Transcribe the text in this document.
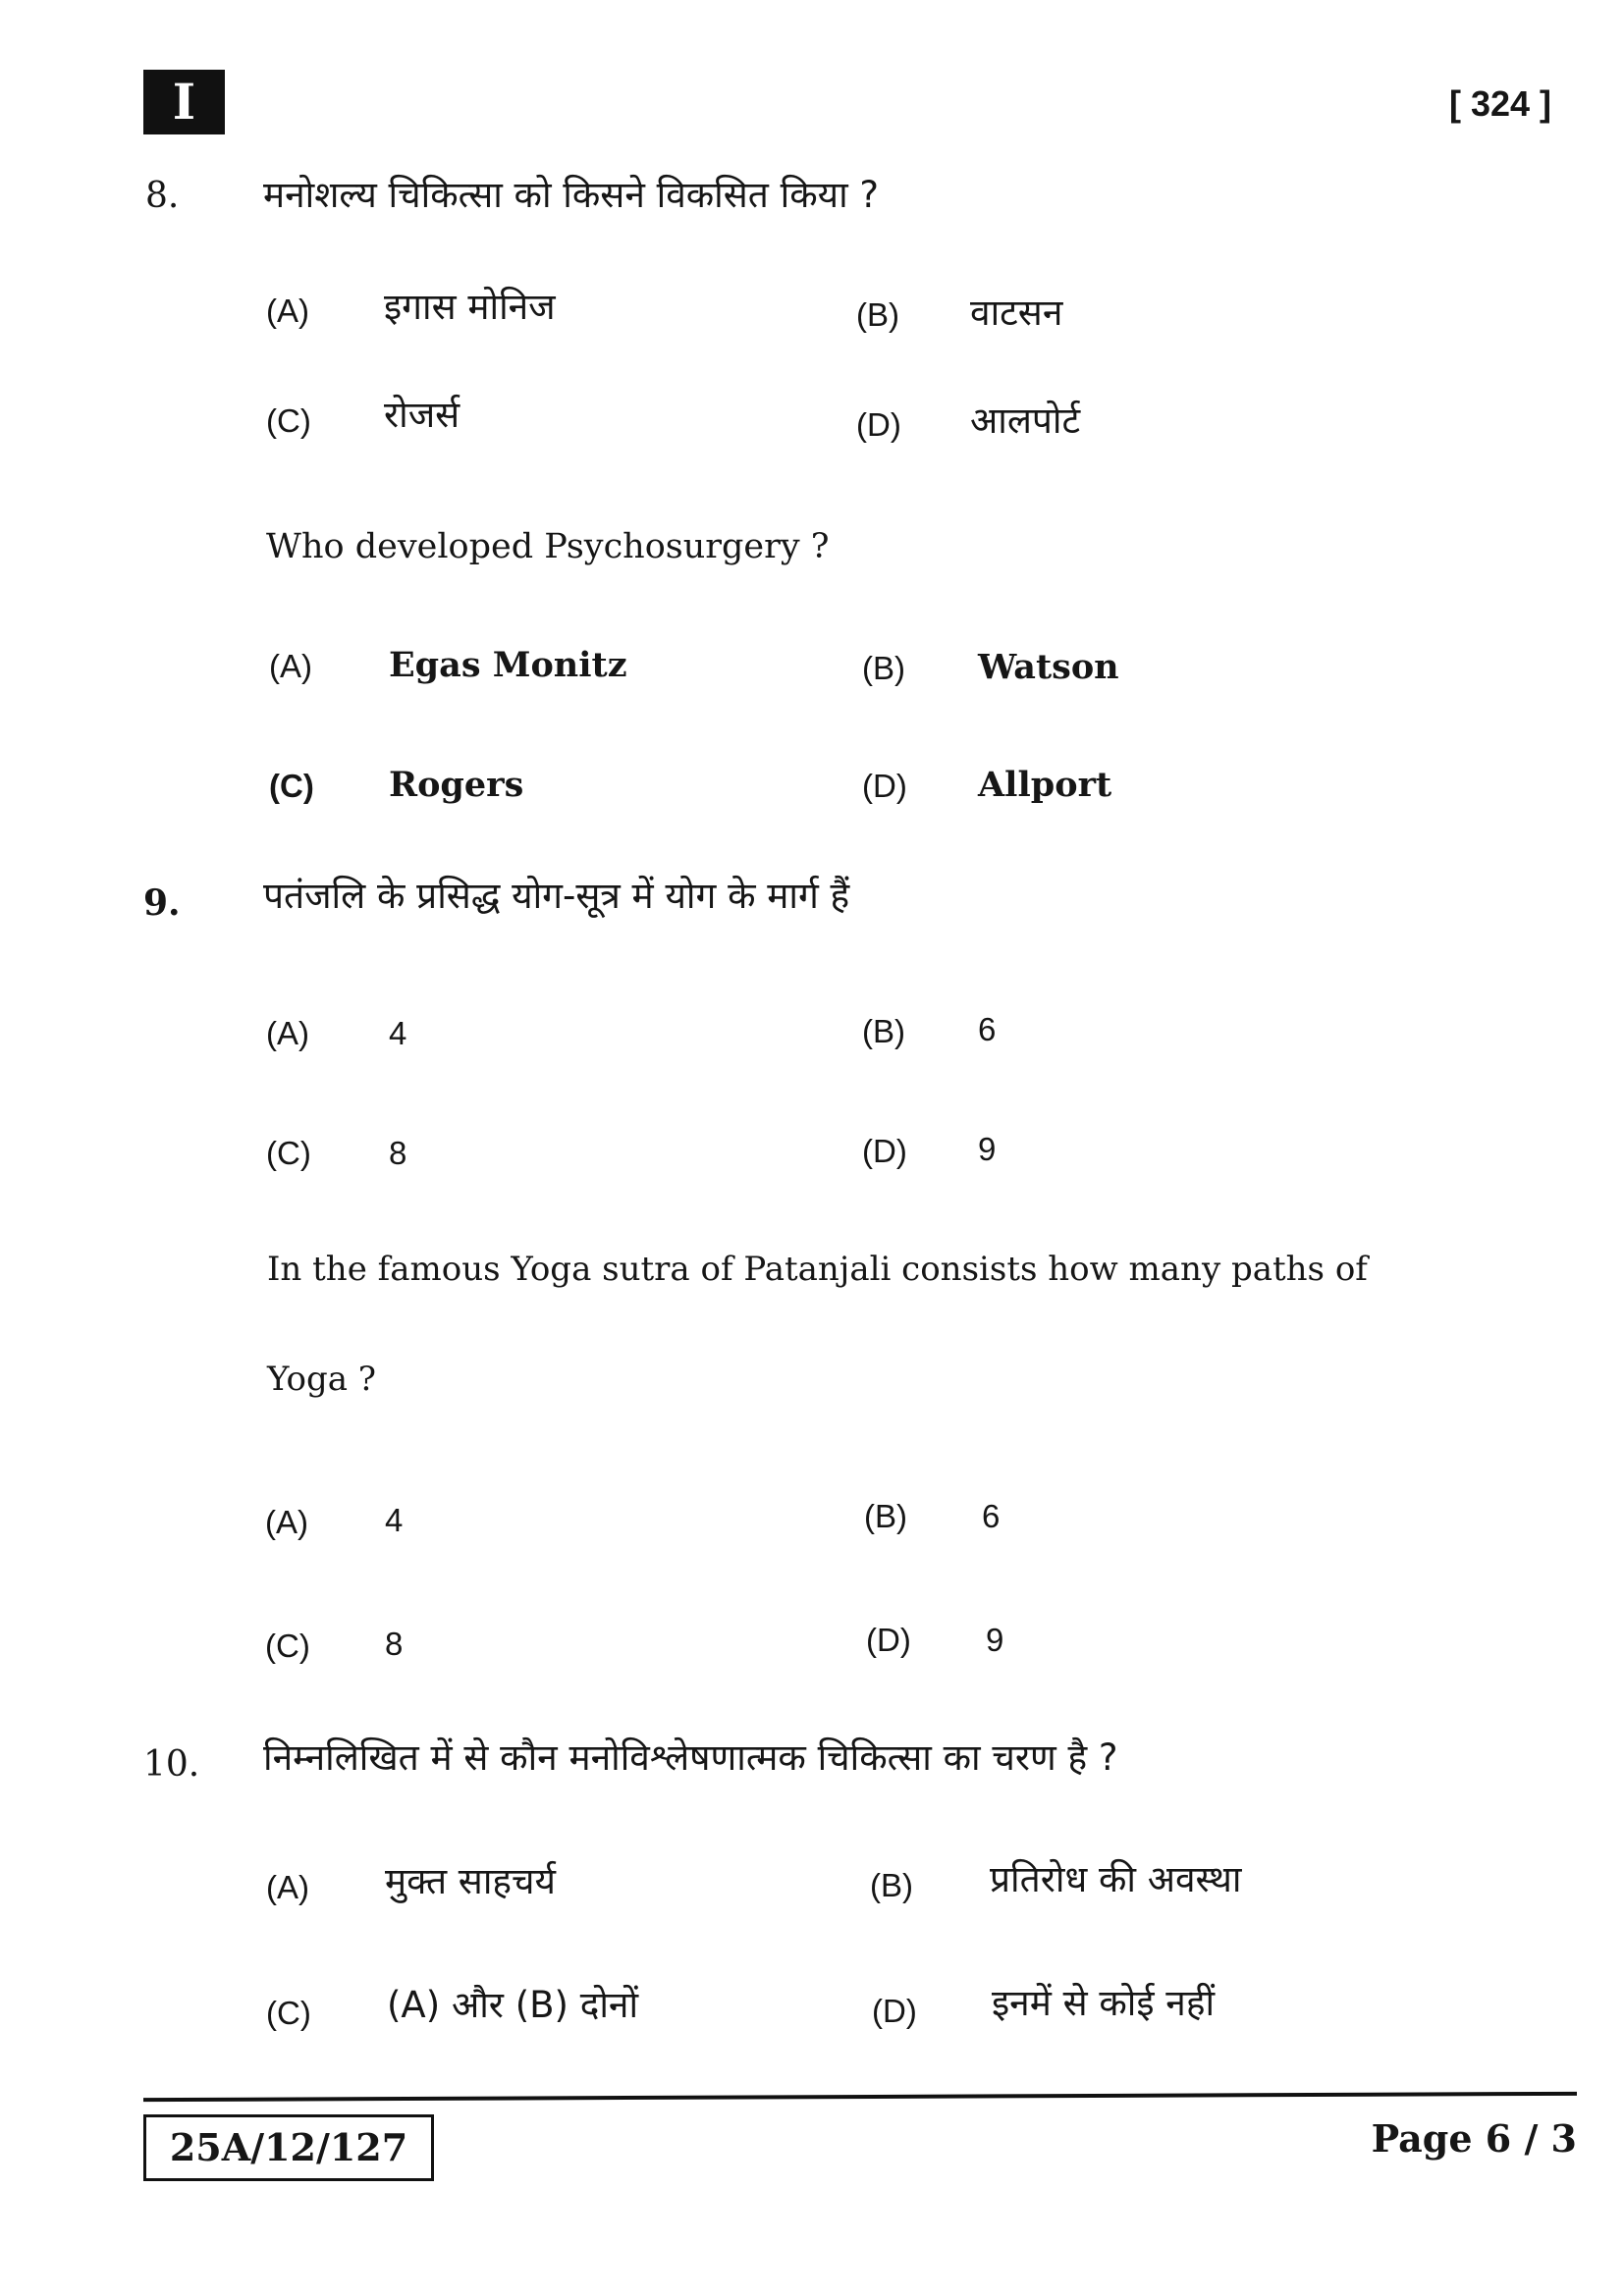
I	[ 324 ]
8. मनोशल्य चिकित्सा को किसने विकसित किया ?
(A) इगास मोनिज	(B) वाटसन
(C) रोजर्स	(D) आलपोर्ट
Who developed Psychosurgery ?
(A) Egas Monitz	(B) Watson
(C) Rogers	(D) Allport
9. पतंजलि के प्रसिद्ध योग-सूत्र में योग के मार्ग हैं
(A) 4	(B) 6
(C) 8	(D) 9
In the famous Yoga sutra of Patanjali consists how many paths of
Yoga ?
(A) 4	(B) 6
(C) 8	(D) 9
10. निम्नलिखित में से कौन मनोविश्लेषणात्मक चिकित्सा का चरण है ?
(A) मुक्त साहचर्य	(B) प्रतिरोध की अवस्था
(C) (A) और (B) दोनों	(D) इनमें से कोई नहीं
25A/12/127	Page 6 / 3
